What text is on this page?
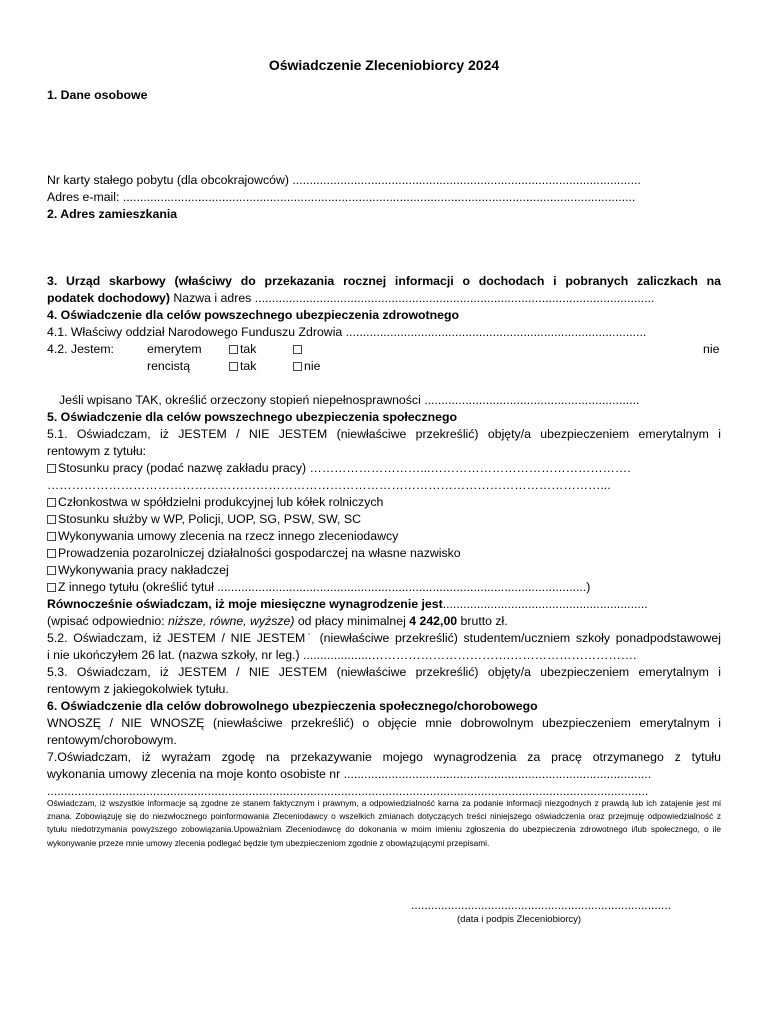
Oświadczenie Zleceniobiorcy 2024
1. Dane osobowe
Nr karty stałego pobytu (dla obcokrajowców) ......................................................................................................
Adres e-mail: ......................................................................................................................................................
2. Adres zamieszkania
3. Urząd skarbowy (właściwy do przekazania rocznej informacji o dochodach i pobranych zaliczkach na
podatek dochodowy) Nazwa i adres .....................................................................................................................
4. Oświadczenie dla celów powszechnego ubezpieczenia zdrowotnego
4.1. Właściwy oddział Narodowego Funduszu Zdrowia ........................................................................................
4.2. Jestem:	emerytem	tak	nie
rencistą	tak	nie
Jeśli wpisano TAK, określić orzeczony stopień niepełnosprawności ...............................................................
5. Oświadczenie dla celów powszechnego ubezpieczenia społecznego
5.1. Oświadczam, iż JESTEM / NIE JESTEM (niewłaściwe przekreślić) objęty/a ubezpieczeniem emerytalnym i
rentowym z tytułu:
Stosunku pracy (podać nazwę zakładu pracy) ………………………...………………………………………….
………………………………………………………………………………………………………………………...
Członkostwa w spółdzielni produkcyjnej lub kółek rolniczych
Stosunku służby w WP, Policji, UOP, SG, PSW, SW, SC
Wykonywania umowy zlecenia na rzecz innego zleceniodawcy
Prowadzenia pozarolniczej działalności gospodarczej na własne nazwisko
Wykonywania pracy nakładczej
Z innego tytułu (określić tytuł ............................................................................................................)
Równocześnie oświadczam, iż moje miesięczne wynagrodzenie jest............................................................
(wpisać odpowiednio: niższe, równe, wyższe) od płacy minimalnej 4 242,00 brutto zł.
5.2. Oświadczam, iż JESTEM / NIE JESTEM˙ (niewłaściwe przekreślić) studentem/uczniem szkoły ponadpodstawowej
i nie ukończyłem 26 lat. (nazwa szkoły, nr leg.) ....................…………………………….………………………….
5.3. Oświadczam, iż JESTEM / NIE JESTEM (niewłaściwe przekreślić) objęty/a ubezpieczeniem emerytalnym i
rentowym z jakiegokolwiek tytułu.
6. Oświadczenie dla celów dobrowolnego ubezpieczenia społecznego/chorobowego
WNOSZĘ / NIE WNOSZĘ (niewłaściwe przekreślić) o objęcie mnie dobrowolnym ubezpieczeniem emerytalnym i
rentowym/chorobowym.
7.Oświadczam, iż wyrażam zgodę na przekazywanie mojego wynagrodzenia za pracę otrzymanego z tytułu
wykonania umowy zlecenia na moje konto osobiste nr ..........................................................................................
................................................................................................................................................................................
Oświadczam, iż wszystkie informacje są zgodne ze stanem faktycznym i prawnym, a odpowiedzialność karna za podanie informacji niezgodnych z prawdą lub ich zatajenie jest mi znana. Zobowiązuję się do niezwłocznego poinformowania Zleceniodawcy o wszelkich zmianach dotyczących treści niniejszego oświadczenia oraz przejmuję odpowiedzialność z tytułu niedotrzymania powyższego zobowiązania.Upoważniam Zleceniodawcę do dokonania w moim imieniu zgłoszenia do ubezpieczenia zdrowotnego i/lub społecznego, o ile wykonywanie przeze mnie umowy zlecenia podlegać będzie tym ubezpieczeniom zgodnie z obowiązującymi przepisami.
..............................................................................
(data i podpis Zleceniobiorcy)
